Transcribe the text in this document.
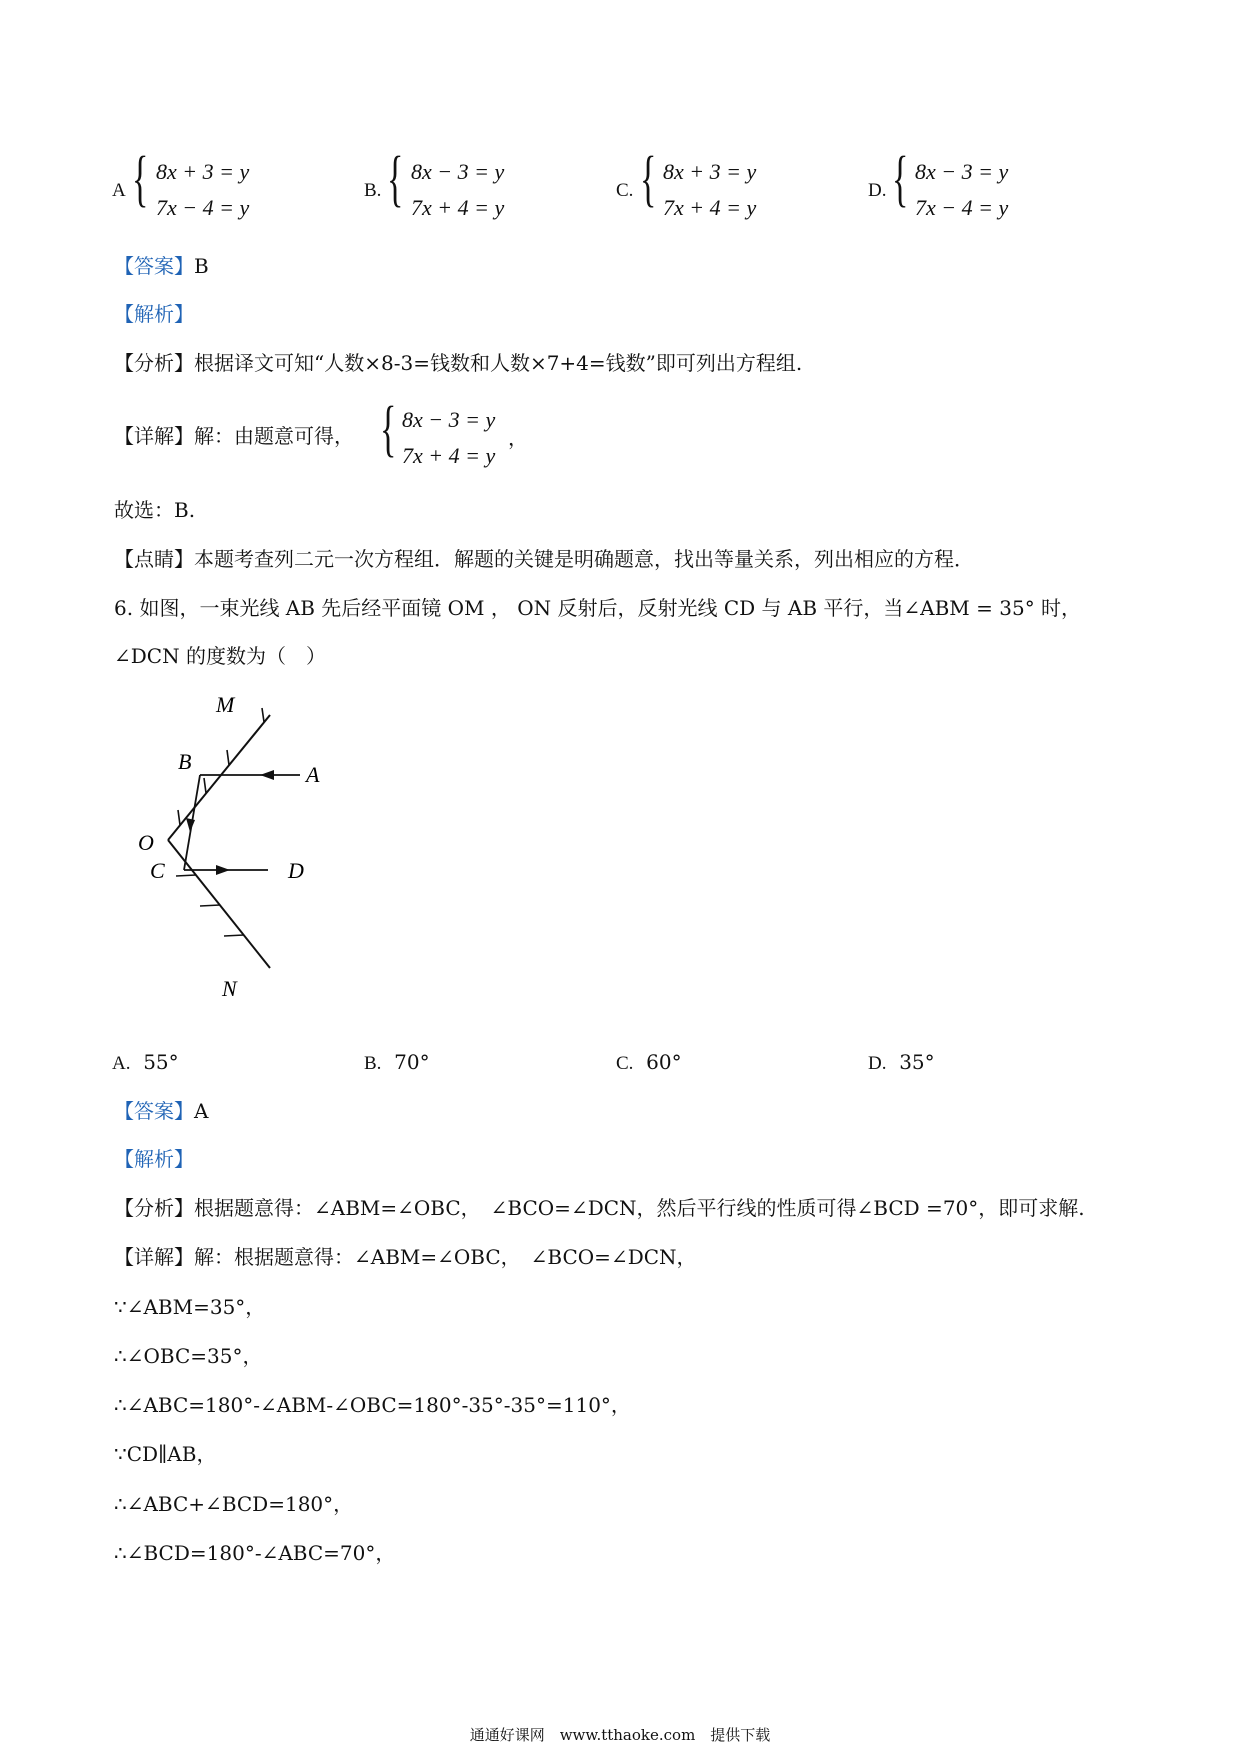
A { 8x + 3 = y
7x − 4 = y
B. { 8x − 3 = y
7x + 4 = y
C. { 8x + 3 = y
7x + 4 = y
D. { 8x − 3 = y
7x − 4 = y
【答案】B
【解析】
【分析】根据译文可知“人数×8-3=钱数和人数×7+4=钱数”即可列出方程组.
【详解】解：由题意可得， { 8x − 3 = y
7x + 4 = y
，
故选：B.
【点睛】本题考查列二元一次方程组．解题的关键是明确题意，找出等量关系，列出相应的方程．
6. 如图，一束光线 AB 先后经平面镜 OM ， ON 反射后，反射光线 CD 与 AB 平行，当∠ABM = 35° 时，
∠DCN 的度数为（　）
M
B
A
O
C	D
N
A. 55°	B. 70°	C. 60°	D. 35°
【答案】A
【解析】
【分析】根据题意得：∠ABM=∠OBC，　∠BCO=∠DCN，然后平行线的性质可得∠BCD =70°，即可求解.
【详解】解：根据题意得：∠ABM=∠OBC，　∠BCO=∠DCN，
∵∠ABM=35°，
∴∠OBC=35°，
∴∠ABC=180°-∠ABM-∠OBC=180°-35°-35°=110°，
∵CD∥AB，
∴∠ABC+∠BCD=180°，
∴∠BCD=180°-∠ABC=70°，
通通好课网　www.tthaoke.com　提供下载
